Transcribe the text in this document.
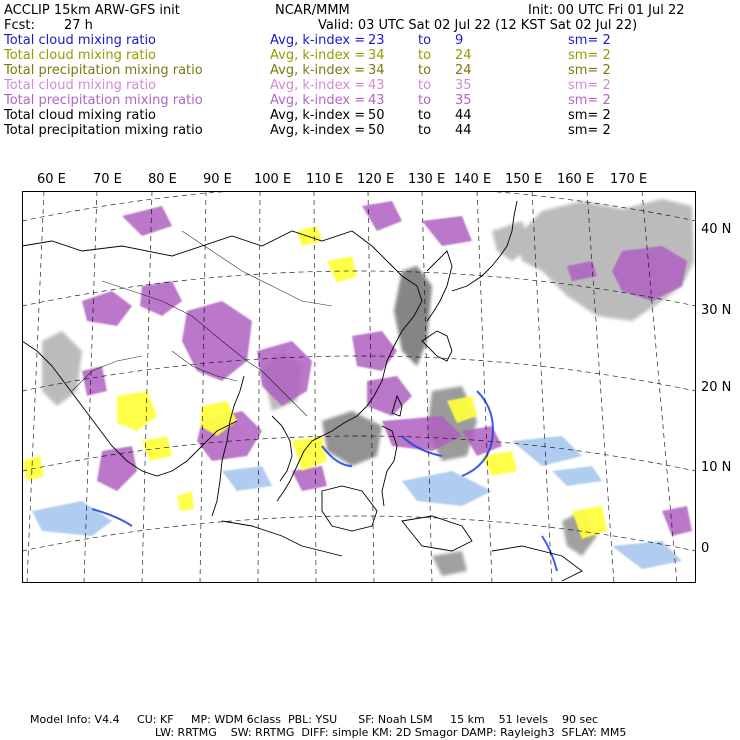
ACCLIP 15km ARW-GFS init	NCAR/MMM	Init: 00 UTC Fri 01 Jul 22
Fcst: 27 h	Valid: 03 UTC Sat 02 Jul 22 (12 KST Sat 02 Jul 22)
Total cloud mixing ratio	Avg, k-index = 23	to 9	sm= 2
Total cloud mixing ratio	Avg, k-index = 34	to 24	sm= 2
Total precipitation mixing ratio	Avg, k-index = 34	to 24	sm= 2
Total cloud mixing ratio	Avg, k-index = 43	to 35	sm= 2
Total precipitation mixing ratio	Avg, k-index = 43	to 35	sm= 2
Total cloud mixing ratio	Avg, k-index = 50	to 44	sm= 2
Total precipitation mixing ratio	Avg, k-index = 50	to 44	sm= 2
60 E 70 E 80 E 90 E 100 E 110 E 120 E 130 E 140 E 150 E 160 E 170 E
40 N
30 N
20 N
10 N
0
Model Info: V4.4     CU: KF     MP: WDM 6class  PBL: YSU      SF: Noah LSM     15 km    51 levels    90 sec
LW: RRTMG    SW: RRTMG  DIFF: simple KM: 2D Smagor DAMP: Rayleigh3  SFLAY: MM5
